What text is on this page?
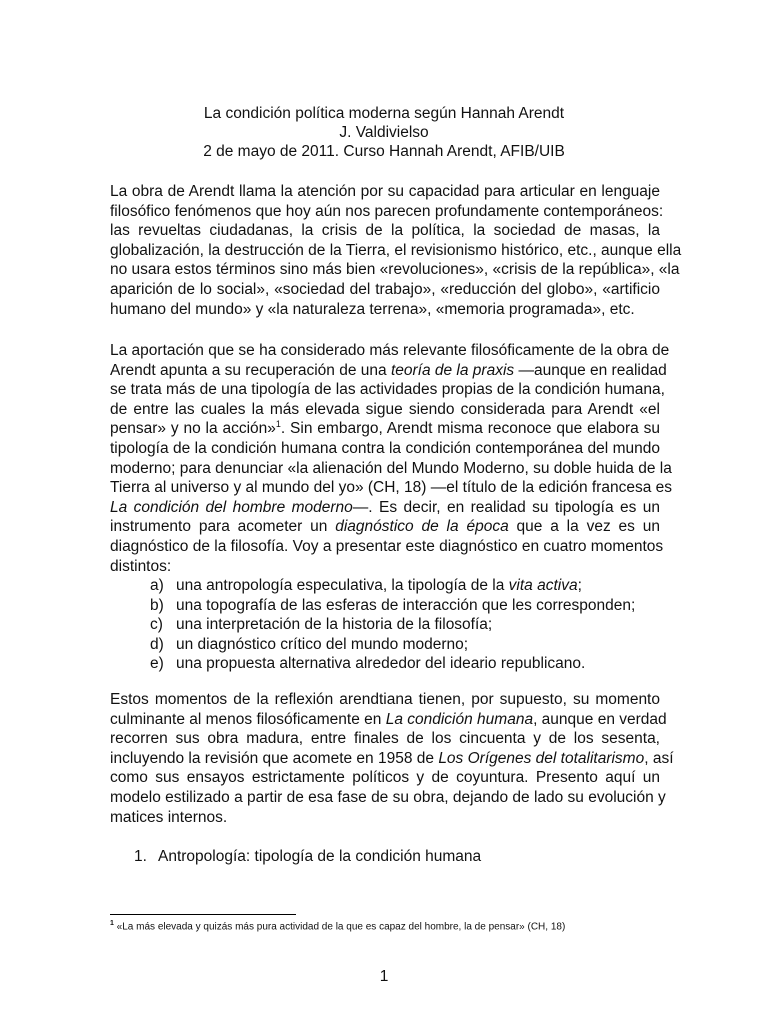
La condición política moderna según Hannah Arendt
J. Valdivielso
2 de mayo de 2011. Curso Hannah Arendt, AFIB/UIB
La obra de Arendt llama la atención por su capacidad para articular en lenguaje
filosófico fenómenos que hoy aún nos parecen profundamente contemporáneos:
las revueltas ciudadanas, la crisis de la política, la sociedad de masas, la
globalización, la destrucción de la Tierra, el revisionismo histórico, etc., aunque ella
no usara estos términos sino más bien «revoluciones», «crisis de la república», «la
aparición de lo social», «sociedad del trabajo», «reducción del globo», «artificio
humano del mundo» y «la naturaleza terrena», «memoria programada», etc.
La aportación que se ha considerado más relevante filosóficamente de la obra de
Arendt apunta a su recuperación de una teoría de la praxis —aunque en realidad
se trata más de una tipología de las actividades propias de la condición humana,
de entre las cuales la más elevada sigue siendo considerada para Arendt «el
pensar» y no la acción»$^1$. Sin embargo, Arendt misma reconoce que elabora su
tipología de la condición humana contra la condición contemporánea del mundo
moderno; para denunciar «la alienación del Mundo Moderno, su doble huida de la
Tierra al universo y al mundo del yo» (CH, 18) —el título de la edición francesa es
La condición del hombre moderno—. Es decir, en realidad su tipología es un
instrumento para acometer un diagnóstico de la época que a la vez es un
diagnóstico de la filosofía. Voy a presentar este diagnóstico en cuatro momentos
distintos:
a) una antropología especulativa, la tipología de la vita activa;
b) una topografía de las esferas de interacción que les corresponden;
c) una interpretación de la historia de la filosofía;
d) un diagnóstico crítico del mundo moderno;
e) una propuesta alternativa alrededor del ideario republicano.
Estos momentos de la reflexión arendtiana tienen, por supuesto, su momento
culminante al menos filosóficamente en La condición humana, aunque en verdad
recorren sus obra madura, entre finales de los cincuenta y de los sesenta,
incluyendo la revisión que acomete en 1958 de Los Orígenes del totalitarismo, así
como sus ensayos estrictamente políticos y de coyuntura. Presento aquí un
modelo estilizado a partir de esa fase de su obra, dejando de lado su evolución y
matices internos.
1. Antropología: tipología de la condición humana
$^1$ «La más elevada y quizás más pura actividad de la que es capaz del hombre, la de pensar» (CH, 18)
1
